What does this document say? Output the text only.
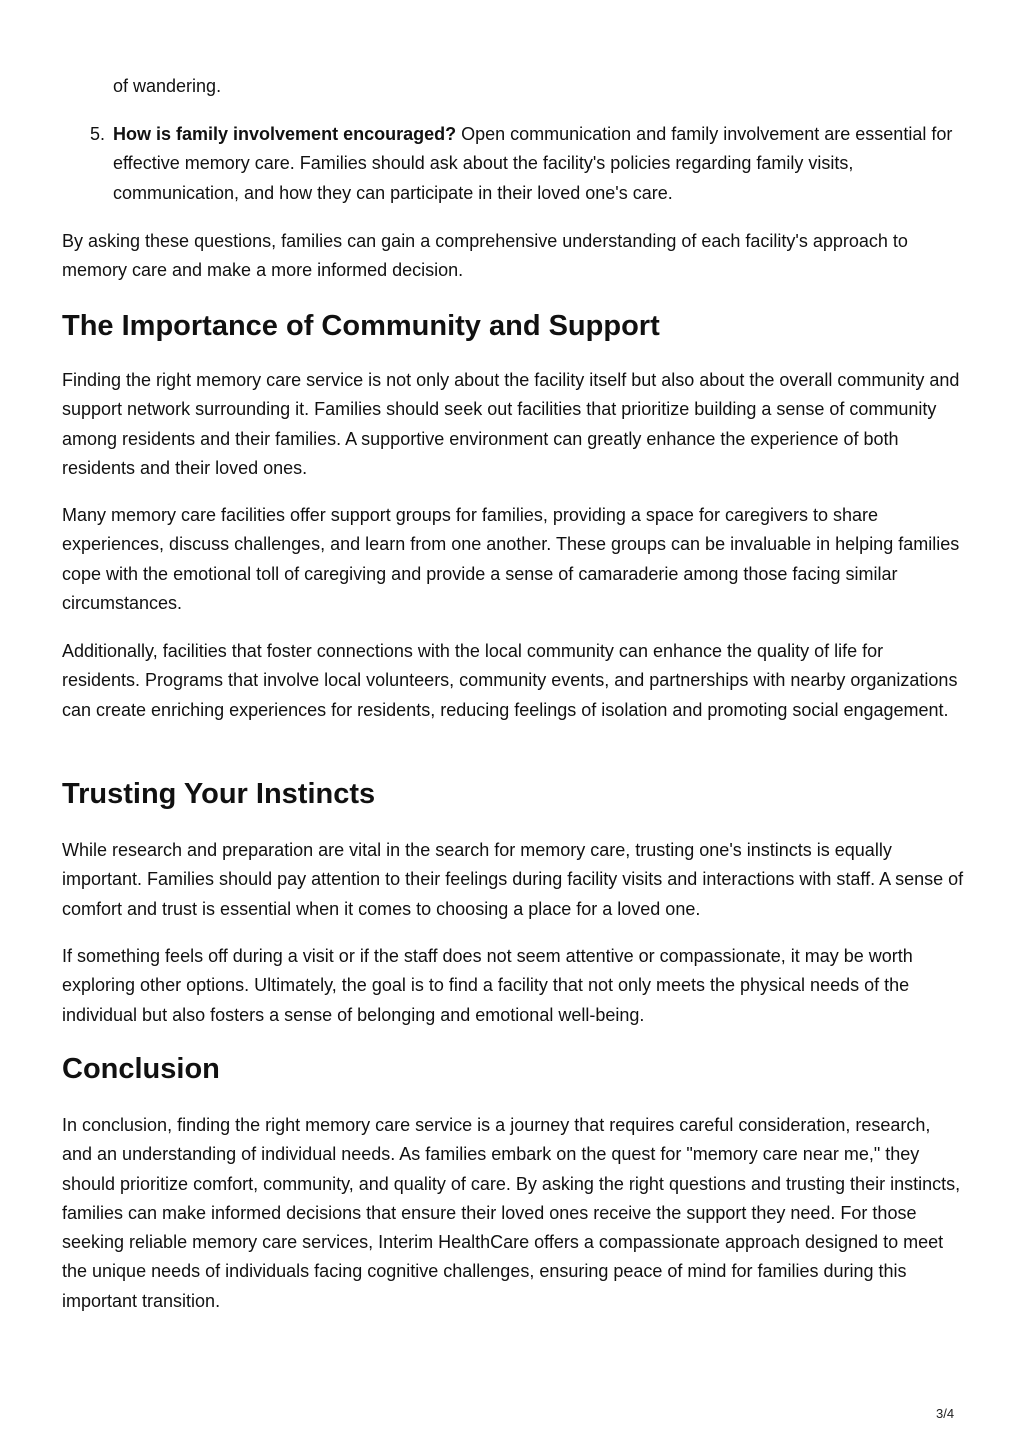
of wandering.

5. How is family involvement encouraged? Open communication and family involvement are essential for effective memory care. Families should ask about the facility's policies regarding family visits, communication, and how they can participate in their loved one's care.

By asking these questions, families can gain a comprehensive understanding of each facility's approach to memory care and make a more informed decision.

The Importance of Community and Support

Finding the right memory care service is not only about the facility itself but also about the overall community and support network surrounding it. Families should seek out facilities that prioritize building a sense of community among residents and their families. A supportive environment can greatly enhance the experience of both residents and their loved ones.

Many memory care facilities offer support groups for families, providing a space for caregivers to share experiences, discuss challenges, and learn from one another. These groups can be invaluable in helping families cope with the emotional toll of caregiving and provide a sense of camaraderie among those facing similar circumstances.

Additionally, facilities that foster connections with the local community can enhance the quality of life for residents. Programs that involve local volunteers, community events, and partnerships with nearby organizations can create enriching experiences for residents, reducing feelings of isolation and promoting social engagement.

Trusting Your Instincts

While research and preparation are vital in the search for memory care, trusting one's instincts is equally important. Families should pay attention to their feelings during facility visits and interactions with staff. A sense of comfort and trust is essential when it comes to choosing a place for a loved one.

If something feels off during a visit or if the staff does not seem attentive or compassionate, it may be worth exploring other options. Ultimately, the goal is to find a facility that not only meets the physical needs of the individual but also fosters a sense of belonging and emotional well-being.

Conclusion

In conclusion, finding the right memory care service is a journey that requires careful consideration, research, and an understanding of individual needs. As families embark on the quest for "memory care near me," they should prioritize comfort, community, and quality of care. By asking the right questions and trusting their instincts, families can make informed decisions that ensure their loved ones receive the support they need. For those seeking reliable memory care services, Interim HealthCare offers a compassionate approach designed to meet the unique needs of individuals facing cognitive challenges, ensuring peace of mind for families during this important transition.

3/4
